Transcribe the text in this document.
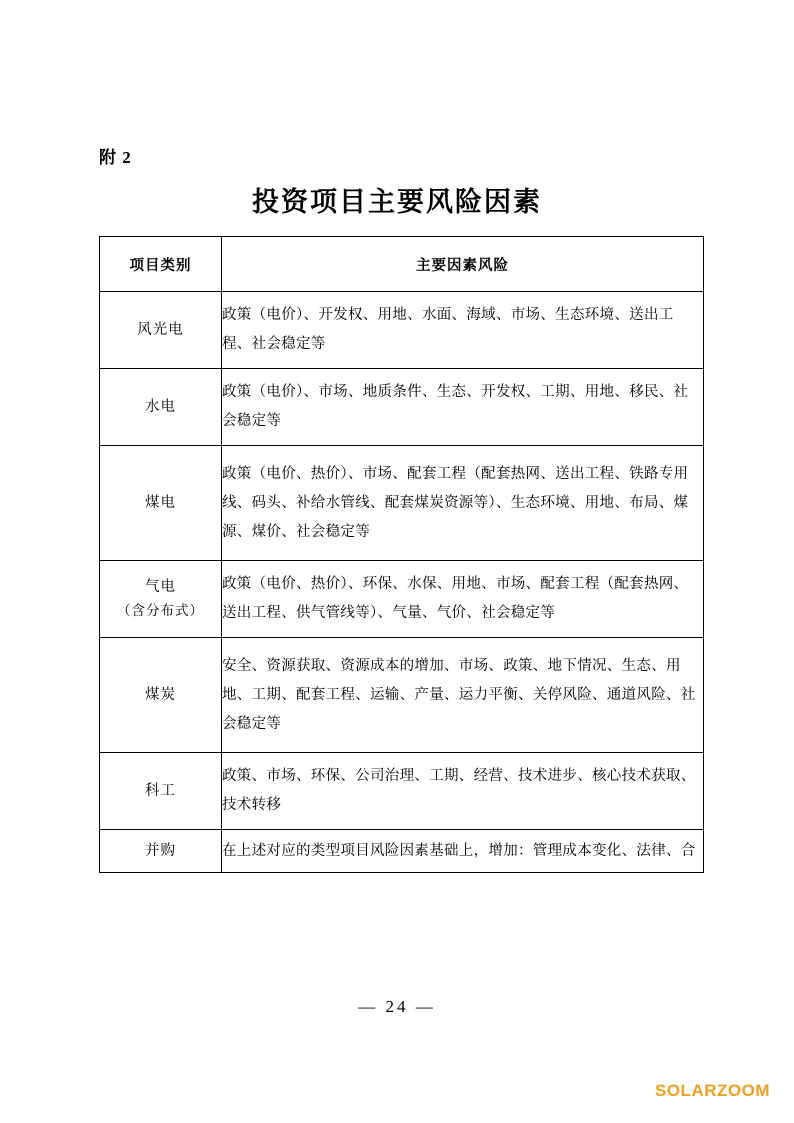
附 2
投资项目主要风险因素
项目类别	主要因素风险
风光电	政策（电价）、开发权、用地、水面、海域、市场、生态环境、送出工程、社会稳定等
水电	政策（电价）、市场、地质条件、生态、开发权、工期、用地、移民、社会稳定等
煤电	政策（电价、热价）、市场、配套工程（配套热网、送出工程、铁路专用线、码头、补给水管线、配套煤炭资源等）、生态环境、用地、布局、煤源、煤价、社会稳定等
气电
（含分布式）	政策（电价、热价）、环保、水保、用地、市场、配套工程（配套热网、送出工程、供气管线等）、气量、气价、社会稳定等
煤炭	安全、资源获取、资源成本的增加、市场、政策、地下情况、生态、用地、工期、配套工程、运输、产量、运力平衡、关停风险、通道风险、社会稳定等
科工	政策、市场、环保、公司治理、工期、经营、技术进步、核心技术获取、技术转移
并购	在上述对应的类型项目风险因素基础上，增加：管理成本变化、法律、合
— 24 —
SOLARZOOM
